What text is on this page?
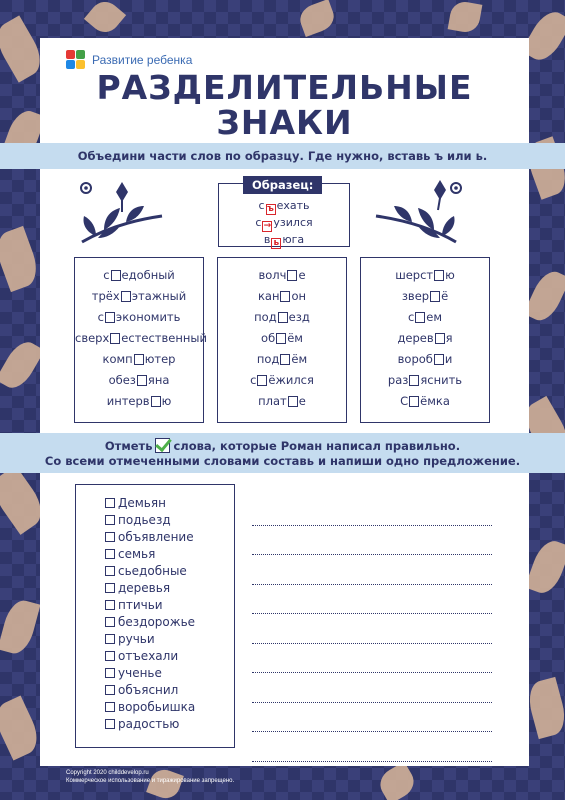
Развитие ребенка
РАЗДЕЛИТЕЛЬНЫЕ
ЗНАКИ
Объедини части слов по образцу. Где нужно, вставь ъ или ь.
Образец:
с ъ ехать
с → узился
в ь юга
с едобный
трёх этажный
с экономить
сверх естественный
комп ютер
обез яна
интерв ю
волч е
кан он
под езд
об ём
под ём
с ёжился
плат е
шерст ю
звер ё
с ем
дерев я
вороб и
раз яснить
С ёмка
Отметь слова, которые Роман написал правильно.
Со всеми отмеченными словами составь и напиши одно предложение.
Демьян
подьезд
объявление
семья
сьедобные
деревья
птичьи
бездорожье
ручьи
отъехали
ученье
объяснил
воробьишка
радостью
Copyright 2020 childdevelop.ru
Коммерческое использование и тиражирование запрещено.
